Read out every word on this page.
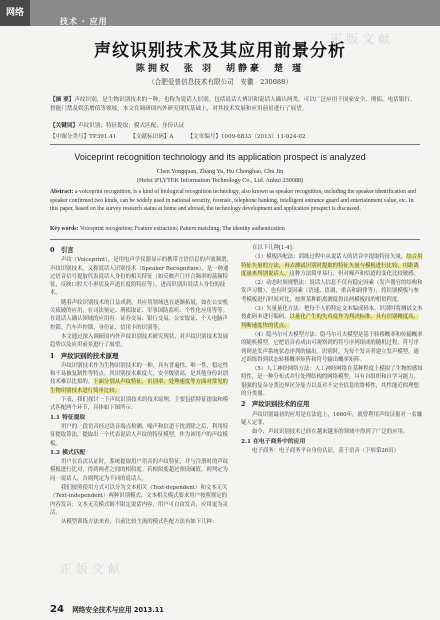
网络
技术 · 应用
声纹识别技术及其应用前景分析
陈拥权　张 羽　胡静豪　楚 瑾
（合肥爱普信息技术有限公司　安徽　230088）
【摘 要】声纹识别，是生物识别技术的一种，也称为说话人识别。包括说话人辨识和说话人确认两类。可以广泛应用于国家安全、刑侦、电话银行、智能门禁及娱乐增值等领域。本文在调研国内外研究现状基础上，对其技术发展和应用前景进行了展望。
【关键词】声纹识别；特征提取；模式匹配；身份认证
【中图分类号】TP391.41	【文献标识码】A	【文章编号】1009-6833（2013）11-024-02
Voiceprint recognition technology and its application prospect is analyzed
Chen Yongquan, Zhang Yu, Hu Chonghao, Chu Jin
(Hefei iFLYTEK Information Technology Co., Ltd. Anhui 230088)
Abstract: a voiceprint recognition, is a kind of biological recognition technology, also known as speaker recognition, including the speaker identification and speaker confirmed two kinds, can be widely used in national security, forensic, telephone banking, intelligent entrance guard and entertainment value, etc. In this paper, based on the survey research status at home and abroad, the technology development and application prospect is discussed.
Key words: Voiceprint recognition; Feature extraction; Pattern matching; The identity authentication
0　引言
声纹（Voiceprint），是用电声学仪器显示的携带言语信息的声波频谱，声纹识别技术，又称说话人识别技术（Speaker Recognition），是一种通过语音信号提取代表说话人身份的相关特征（如反映声门开合频率的基频特征、反映口腔大小形状及声道长度的特征等），进而识别出说话人身份的技术。
随着声纹识别技术的日益成熟，其应用领域也在逐渐拓展，如在公安机关侦破的应用，在司法鉴定、刑侦取证、军事国防监听、个性化应用等等。在说话人确认领域的应用有：证券交易、银行交易、公安取证、个人电脑声控锁、汽车声控锁、身份证、信用卡的识别等。
本文通过深入调研国内外声纹识别技术研究现状，对声纹识别技术发展趋势以及应用前景进行了展望。
1　声纹识别的技术原理
声纹识别技术作为生物识别技术的一种，具有普遍性、唯一性、稳定性和不易被复制性等特点。其识别技术难度大，安全级别高，是其他身份识别技术难以比拟的。下面分别从声纹特征、识别率、处理速度等方面对常见的生物识别技术进行简单比较。
下表，我们探讨一下声纹识别技术的技术原理，主要包括特征提取和模式匹配两个环节，具体如下图所示：
1.1 特征提取
用户的一段语音经过语音端点检测、噪声和信道干扰消除之后，利用特征提取算法，提取出一个代表说话人声纹的特征模型，作为该用户的声纹模板。
1.2 模式匹配
用户在首次认证时，系统提取用户语音的声纹特征，并与注册时的声纹模板进行比对，得到两者之间的相似度。若相似度超过预设阈值，则判定为同一说话人，否则判定为不同的说话人。
我们按照使用方式可以分为文本相关（Text-dependent）和文本无关（Text-independent）两种识别模式。文本相关模式要求用户按照规定的内容发音；文本无关模式则不限定说话内容，用户可自由发音，应用更为灵活。
从模型训练方法来看，目前比较主流的模式匹配方法有如下几种：
在以下几种[1-4]：
（1）模板匹配法：训练过程中从说话人的语音中提取特征矢量，结合用特征矢量的方法，再去测试识别时提取的特征矢量与模板进行比较，用距离度量来判别说话人，这种方法简单易行，但对噪声和信道的变化比较敏感。
（2）动态时间规整法：说话人信息不仅有稳定因素（发声器官的结构和发声习惯），也有时变因素（语速、语调、重音和韵律等），将识别模板与参考模板进行时间对比，按照某种距离测度得出两模板间的相似程度。
（3）矢量量化方法：把每个人的特定文本编成码本，识别时将测试文本按此码本进行编码，以量化产生的失真度作为判决标准，具有识别精度高、判断速度快的优点。
（4）隐马尔可夫模型方法：隐马尔可夫模型是基于转移概率和传输概率的随机模型，它把语音看成由可观察到的符号序列组成的随机过程，符号序列则是发声系统状态序列的输出。识别时，为每个发音者建立发声模型，通过训练得到状态转移概率矩阵和符号输出概率矩阵。
（5）人工神经网络方法：人工神经网络在某种程度上模拟了生物的感知特性，是一种分布式并行处理结构的网络模型，具有自组织和自学习能力，很强的复杂分类边界区分能力以及对不完全信息的鲁棒性，其性能近似理想的分类器。
2　声纹识别技术的应用
声纹识别最初的应用是在法庭上，1660年，就曾利用声纹证据对一名嫌疑人定罪，
如今，声纹识别技术已经在越来越多的领域中得到了广泛的应用。
2.1 在电子商务中的应用
电子商务：电子商务平台身份认证，基于语音（下转第26页）
24 网络安全技术与应用 2013.11
正版文献
正版文献
